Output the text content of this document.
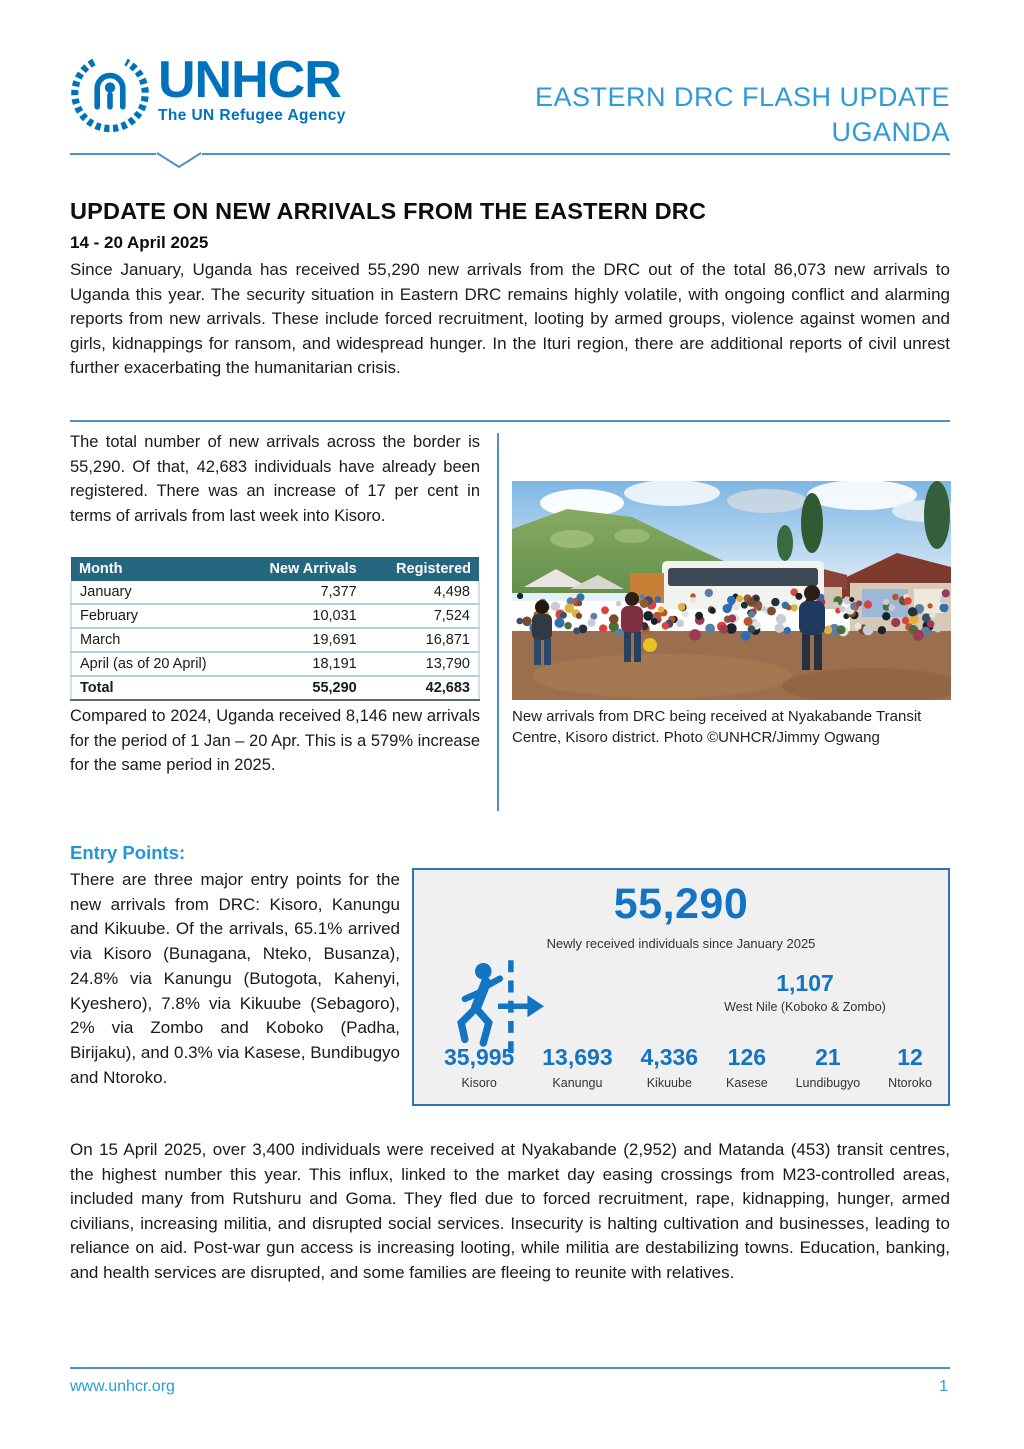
UNHCR
The UN Refugee Agency
EASTERN DRC FLASH UPDATE
UGANDA
UPDATE ON NEW ARRIVALS FROM THE EASTERN DRC
14 - 20 April 2025
Since January, Uganda has received 55,290 new arrivals from the DRC out of the total 86,073 new arrivals to Uganda this year. The security situation in Eastern DRC remains highly volatile, with ongoing conflict and alarming reports from new arrivals. These include forced recruitment, looting by armed groups, violence against women and girls, kidnappings for ransom, and widespread hunger. In the Ituri region, there are additional reports of civil unrest further exacerbating the humanitarian crisis.
The total number of new arrivals across the border is 55,290. Of that, 42,683 individuals have already been registered. There was an increase of 17 per cent in terms of arrivals from last week into Kisoro.
Month	New Arrivals	Registered
January	7,377	4,498
February	10,031	7,524
March	19,691	16,871
April (as of 20 April)	18,191	13,790
Total	55,290	42,683
Compared to 2024, Uganda received 8,146 new arrivals for the period of 1 Jan – 20 Apr. This is a 579% increase for the same period in 2025.
New arrivals from DRC being received at Nyakabande Transit Centre, Kisoro district. Photo ©UNHCR/Jimmy Ogwang
Entry Points:
There are three major entry points for the new arrivals from DRC: Kisoro, Kanungu and Kikuube. Of the arrivals, 65.1% arrived via Kisoro (Bunagana, Nteko, Busanza), 24.8% via Kanungu (Butogota, Kahenyi, Kyeshero), 7.8% via Kikuube (Sebagoro), 2% via Zombo and Koboko (Padha, Birijaku), and 0.3% via Kasese, Bundibugyo and Ntoroko.
55,290
Newly received individuals since January 2025
1,107
West Nile (Koboko & Zombo)
35,995
Kisoro
13,693
Kanungu
4,336
Kikuube
126
Kasese
21
Lundibugyo
12
Ntoroko
On 15 April 2025, over 3,400 individuals were received at Nyakabande (2,952) and Matanda (453) transit centres, the highest number this year. This influx, linked to the market day easing crossings from M23-controlled areas, included many from Rutshuru and Goma. They fled due to forced recruitment, rape, kidnapping, hunger, armed civilians, increasing militia, and disrupted social services. Insecurity is halting cultivation and businesses, leading to reliance on aid. Post-war gun access is increasing looting, while militia are destabilizing towns. Education, banking, and health services are disrupted, and some families are fleeing to reunite with relatives.
www.unhcr.org	1
